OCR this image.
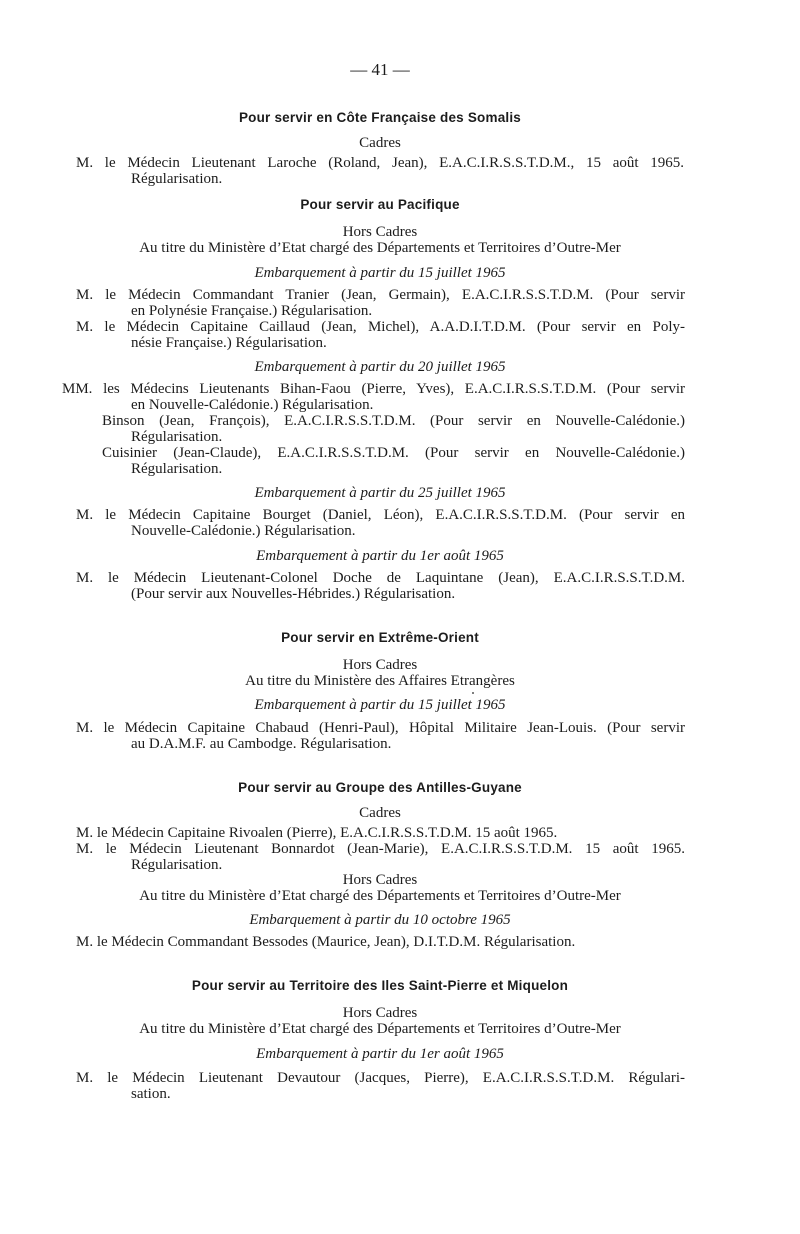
— 41 —
Pour servir en Côte Française des Somalis
Cadres
M. le Médecin Lieutenant Laroche (Roland, Jean), E.A.C.I.R.S.S.T.D.M., 15 août 1965.
Régularisation.
Pour servir au Pacifique
Hors Cadres
Au titre du Ministère d’Etat chargé des Départements et Territoires d’Outre-Mer
Embarquement à partir du 15 juillet 1965
M. le Médecin Commandant Tranier (Jean, Germain), E.A.C.I.R.S.S.T.D.M. (Pour servir
en Polynésie Française.) Régularisation.
M. le Médecin Capitaine Caillaud (Jean, Michel), A.A.D.I.T.D.M. (Pour servir en Poly-
nésie Française.) Régularisation.
Embarquement à partir du 20 juillet 1965
MM. les Médecins Lieutenants Bihan-Faou (Pierre, Yves), E.A.C.I.R.S.S.T.D.M. (Pour servir
en Nouvelle-Calédonie.) Régularisation.
Binson (Jean, François), E.A.C.I.R.S.S.T.D.M. (Pour servir en Nouvelle-Calédonie.)
Régularisation.
Cuisinier (Jean-Claude), E.A.C.I.R.S.S.T.D.M. (Pour servir en Nouvelle-Calédonie.)
Régularisation.
Embarquement à partir du 25 juillet 1965
M. le Médecin Capitaine Bourget (Daniel, Léon), E.A.C.I.R.S.S.T.D.M. (Pour servir en
Nouvelle-Calédonie.) Régularisation.
Embarquement à partir du 1er août 1965
M. le Médecin Lieutenant-Colonel Doche de Laquintane (Jean), E.A.C.I.R.S.S.T.D.M.
(Pour servir aux Nouvelles-Hébrides.) Régularisation.
Pour servir en Extrême-Orient
Hors Cadres
Au titre du Ministère des Affaires Etrangères
Embarquement à partir du 15 juillet 1965
M. le Médecin Capitaine Chabaud (Henri-Paul), Hôpital Militaire Jean-Louis. (Pour servir
au D.A.M.F. au Cambodge. Régularisation.
Pour servir au Groupe des Antilles-Guyane
Cadres
M. le Médecin Capitaine Rivoalen (Pierre), E.A.C.I.R.S.S.T.D.M. 15 août 1965.
M. le Médecin Lieutenant Bonnardot (Jean-Marie), E.A.C.I.R.S.S.T.D.M. 15 août 1965.
Régularisation.
Hors Cadres
Au titre du Ministère d’Etat chargé des Départements et Territoires d’Outre-Mer
Embarquement à partir du 10 octobre 1965
M. le Médecin Commandant Bessodes (Maurice, Jean), D.I.T.D.M. Régularisation.
Pour servir au Territoire des Iles Saint-Pierre et Miquelon
Hors Cadres
Au titre du Ministère d’Etat chargé des Départements et Territoires d’Outre-Mer
Embarquement à partir du 1er août 1965
M. le Médecin Lieutenant Devautour (Jacques, Pierre), E.A.C.I.R.S.S.T.D.M. Régulari-
sation.
